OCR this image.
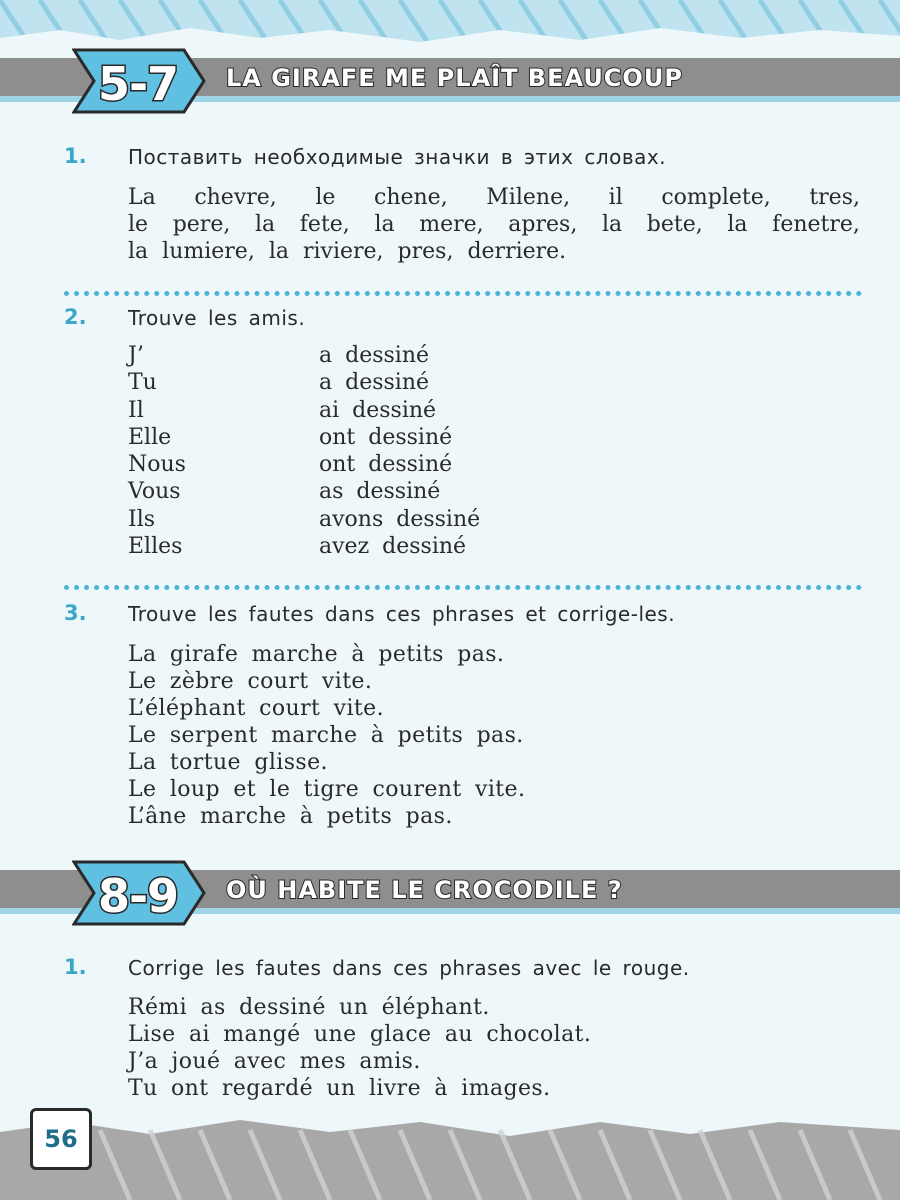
5-7	LA GIRAFE ME PLAÎT BEAUCOUP
1. Поставить необходимые значки в этих словах.
La chevre, le chene, Milene, il complete, tres,
le pere, la fete, la mere, apres, la bete, la fenetre,
la lumiere, la riviere, pres, derriere.
2. Trouve les amis.
J’	a dessiné
Tu	a dessiné
Il	ai dessiné
Elle	ont dessiné
Nous	ont dessiné
Vous	as dessiné
Ils	avons dessiné
Elles	avez dessiné
3. Trouve les fautes dans ces phrases et corrige-les.
La girafe marche à petits pas.
Le zèbre court vite.
L’éléphant court vite.
Le serpent marche à petits pas.
La tortue glisse.
Le loup et le tigre courent vite.
L’âne marche à petits pas.
8-9	OÙ HABITE LE CROCODILE ?
1. Corrige les fautes dans ces phrases avec le rouge.
Rémi as dessiné un éléphant.
Lise ai mangé une glace au chocolat.
J’a joué avec mes amis.
Tu ont regardé un livre à images.
56
